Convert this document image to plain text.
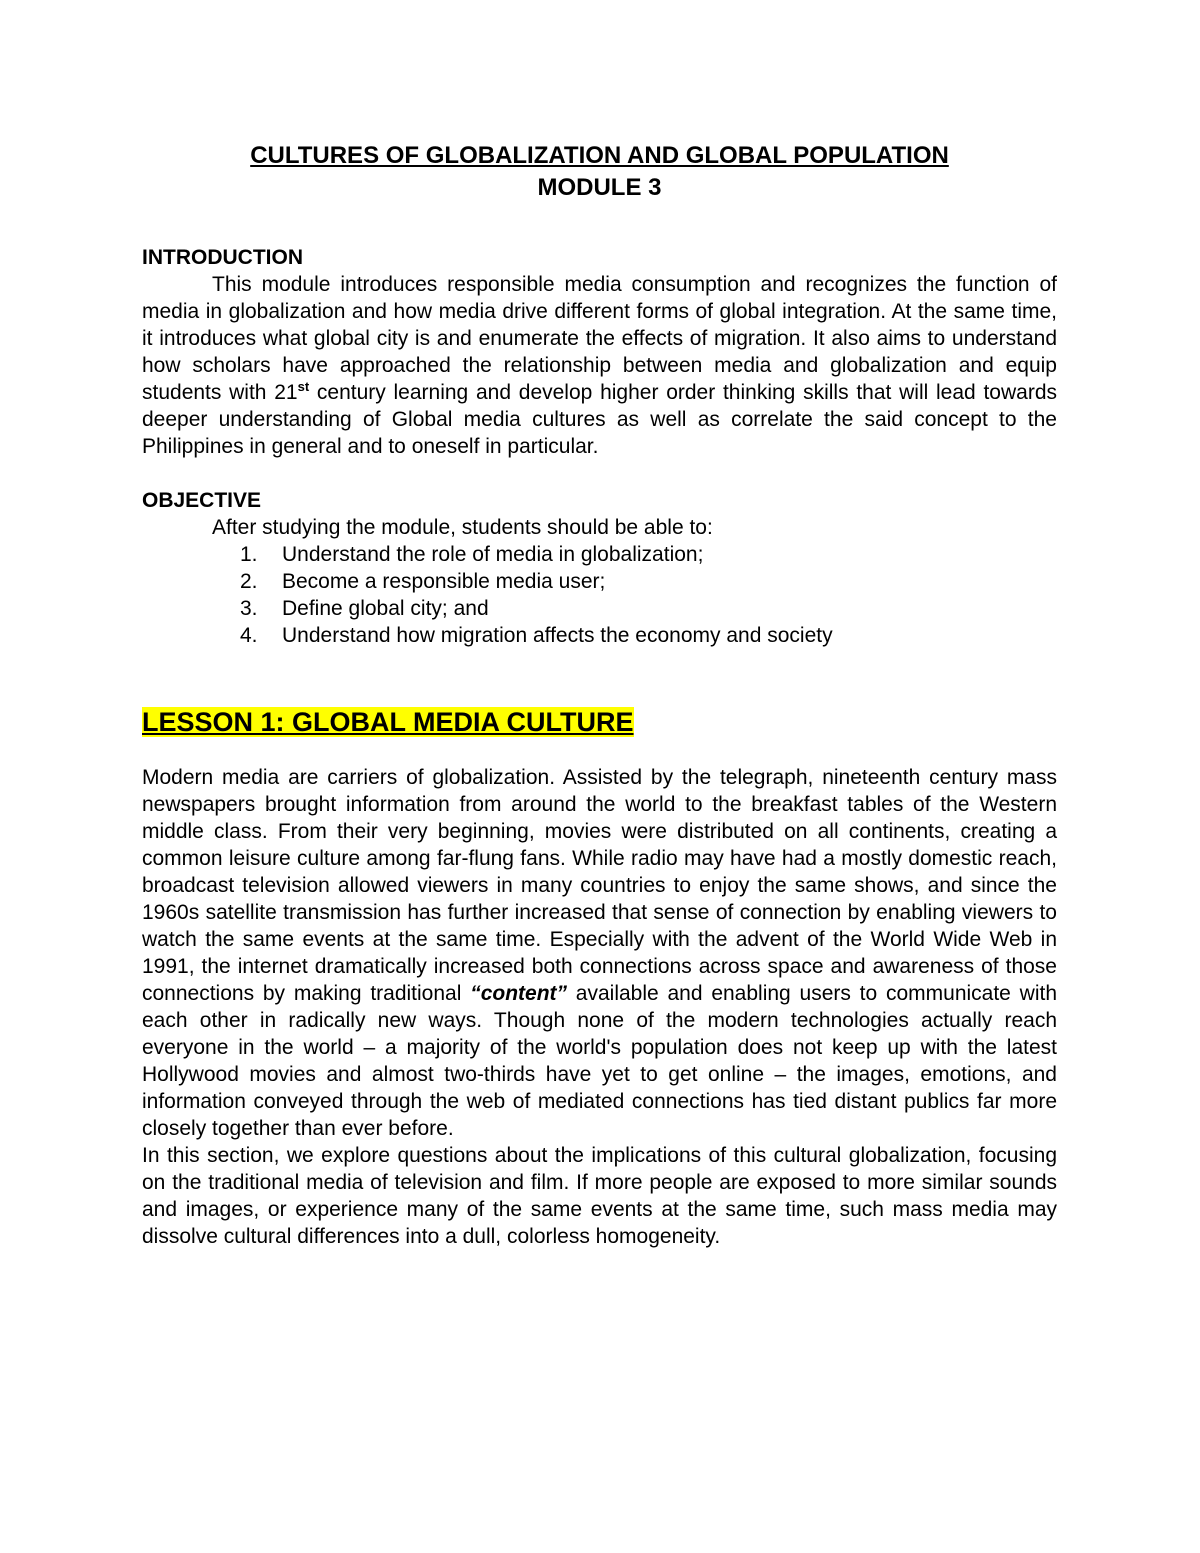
CULTURES OF GLOBALIZATION AND GLOBAL POPULATION
MODULE 3
INTRODUCTION

This module introduces responsible media consumption and recognizes the function of media in globalization and how media drive different forms of global integration. At the same time, it introduces what global city is and enumerate the effects of migration. It also aims to understand how scholars have approached the relationship between media and globalization and equip students with 21st century learning and develop higher order thinking skills that will lead towards deeper understanding of Global media cultures as well as correlate the said concept to the Philippines in general and to oneself in particular.

OBJECTIVE

After studying the module, students should be able to:

1. Understand the role of media in globalization;
2. Become a responsible media user;
3. Define global city; and
4. Understand how migration affects the economy and society
LESSON 1: GLOBAL MEDIA CULTURE

Modern media are carriers of globalization. Assisted by the telegraph, nineteenth century mass newspapers brought information from around the world to the breakfast tables of the Western middle class. From their very beginning, movies were distributed on all continents, creating a common leisure culture among far-flung fans. While radio may have had a mostly domestic reach, broadcast television allowed viewers in many countries to enjoy the same shows, and since the 1960s satellite transmission has further increased that sense of connection by enabling viewers to watch the same events at the same time. Especially with the advent of the World Wide Web in 1991, the internet dramatically increased both connections across space and awareness of those connections by making traditional “content” available and enabling users to communicate with each other in radically new ways. Though none of the modern technologies actually reach everyone in the world – a majority of the world's population does not keep up with the latest Hollywood movies and almost two-thirds have yet to get online – the images, emotions, and information conveyed through the web of mediated connections has tied distant publics far more closely together than ever before.

In this section, we explore questions about the implications of this cultural globalization, focusing on the traditional media of television and film. If more people are exposed to more similar sounds and images, or experience many of the same events at the same time, such mass media may dissolve cultural differences into a dull, colorless homogeneity.
